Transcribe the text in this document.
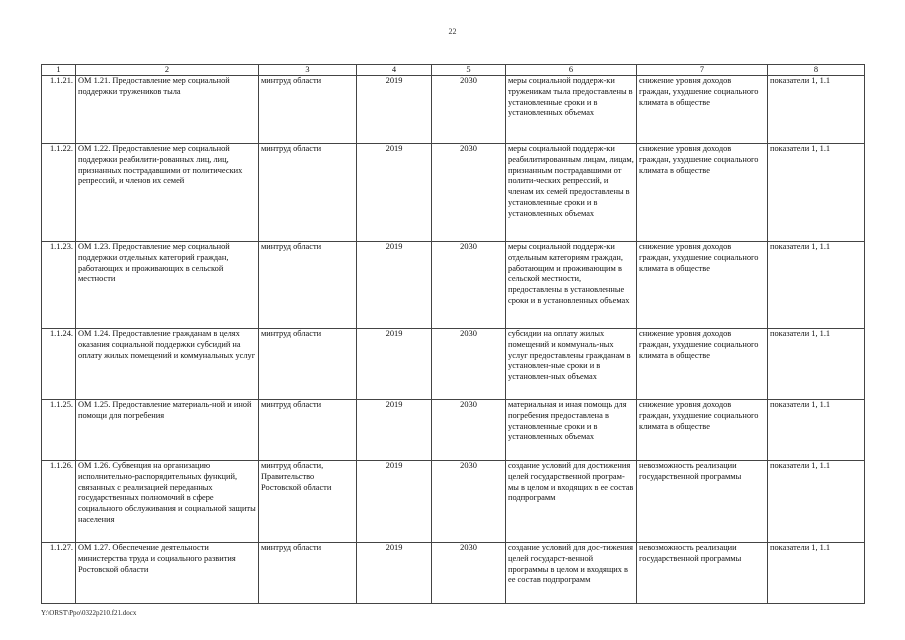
22
1	2	3	4	5	6	7	8
1.1.21.	ОМ 1.21. Предоставление мер социальной поддержки тружеников тыла	минтруд области	2019	2030	меры социальной поддерж-ки труженикам тыла предоставлены в установленные сроки и в установленных объемах	снижение уровня доходов граждан, ухудшение социального климата в обществе	показатели 1, 1.1
1.1.22.	ОМ 1.22. Предоставление мер социальной поддержки реабилити-рованных лиц, лиц, признанных пострадавшими от политических репрессий, и членов их семей	минтруд области	2019	2030	меры социальной поддерж-ки реабилитированным лицам, лицам, признанным пострадавшими от полити-ческих репрессий, и членам их семей предоставлены в установленные сроки и в установленных объемах	снижение уровня доходов граждан, ухудшение социального климата в обществе	показатели 1, 1.1
1.1.23.	ОМ 1.23. Предоставление мер социальной поддержки отдельных категорий граждан, работающих и проживающих в сельской местности	минтруд области	2019	2030	меры социальной поддерж-ки отдельным категориям граждан, работающим и проживающим в сельской местности, предоставлены в установленные сроки и в установленных объемах	снижение уровня доходов граждан, ухудшение социального климата в обществе	показатели 1, 1.1
1.1.24.	ОМ 1.24. Предоставление гражданам в целях оказания социальной поддержки субсидий на оплату жилых помещений и коммунальных услуг	минтруд области	2019	2030	субсидии на оплату жилых помещений и коммуналь-ных услуг предоставлены гражданам в установлен-ные сроки и в установлен-ных объемах	снижение уровня доходов граждан, ухудшение социального климата в обществе	показатели 1, 1.1
1.1.25.	ОМ 1.25. Предоставление материаль-ной и иной помощи для погребения	минтруд области	2019	2030	материальная и иная помощь для погребения предоставлена в установленные сроки и в установленных объемах	снижение уровня доходов граждан, ухудшение социального климата в обществе	показатели 1, 1.1
1.1.26.	ОМ 1.26. Субвенция на организацию исполнительно-распорядительных функций, связанных с реализацией переданных государственных полномочий в сфере социального обслуживания и социальной защиты населения	минтруд области, Правительство Ростовской области	2019	2030	создание условий для достижения целей государственной програм-мы в целом и входящих в ее состав подпрограмм	невозможность реализации государственной программы	показатели 1, 1.1
1.1.27.	ОМ 1.27. Обеспечение деятельности министерства труда и социального развития Ростовской области	минтруд области	2019	2030	создание условий для дос-тижения целей государст-венной программы в целом и входящих в ее состав подпрограмм	невозможность реализации государственной программы	показатели 1, 1.1
Y:\ORST\Ppo\0322p210.f21.docx
